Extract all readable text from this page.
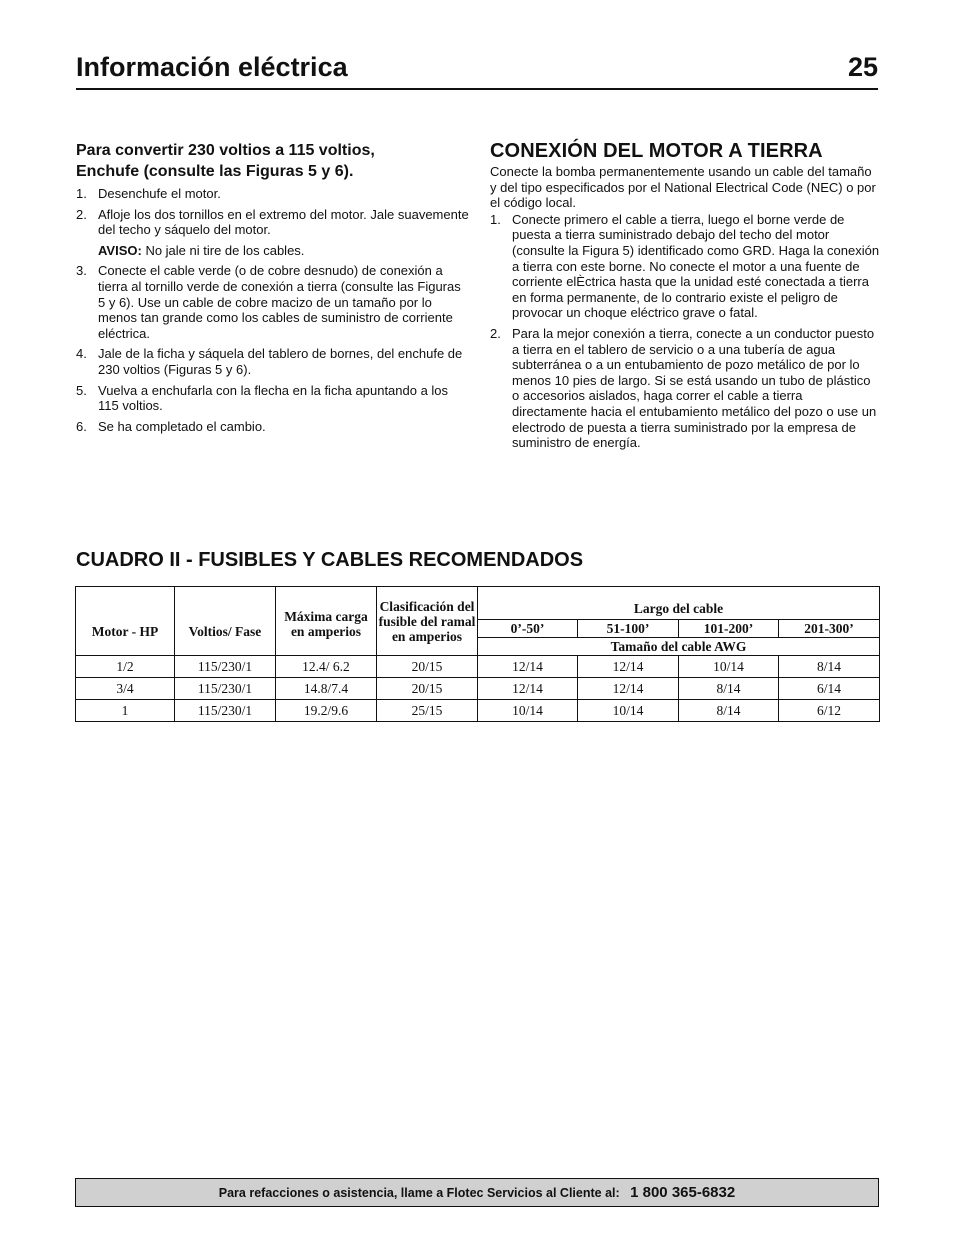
Información eléctrica	25
Para convertir 230 voltios a 115 voltios,
Enchufe (consulte las Figuras 5 y 6).
1. Desenchufe el motor.
2. Afloje los dos tornillos en el extremo del motor. Jale suavemente del techo y sáquelo del motor.
AVISO: No jale ni tire de los cables.
3. Conecte el cable verde (o de cobre desnudo) de conexión a tierra al tornillo verde de conexión a tierra (consulte las Figuras 5 y 6). Use un cable de cobre macizo de un tamaño por lo menos tan grande como los cables de suministro de corriente eléctrica.
4. Jale de la ficha y sáquela del tablero de bornes, del enchufe de 230 voltios (Figuras 5 y 6).
5. Vuelva a enchufarla con la flecha en la ficha apuntando a los 115 voltios.
6. Se ha completado el cambio.
CONEXIÓN DEL MOTOR A TIERRA
Conecte la bomba permanentemente usando un cable del tamaño y del tipo especificados por el National Electrical Code (NEC) o por el código local.
1. Conecte primero el cable a tierra, luego el borne verde de puesta a tierra suministrado debajo del techo del motor (consulte la Figura 5) identificado como GRD. Haga la conexión a tierra con este borne. No conecte el motor a una fuente de corriente elÈctrica hasta que la unidad esté conectada a tierra en forma permanente, de lo contrario existe el peligro de provocar un choque eléctrico grave o fatal.
2. Para la mejor conexión a tierra, conecte a un conductor puesto a tierra en el tablero de servicio o a una tubería de agua subterránea o a un entubamiento de pozo metálico de por lo menos 10 pies de largo. Si se está usando un tubo de plástico o accesorios aislados, haga correr el cable a tierra directamente hacia el entubamiento metálico del pozo o use un electrodo de puesta a tierra suministrado por la empresa de suministro de energía.
CUADRO II - FUSIBLES Y CABLES RECOMENDADOS
Motor - HP	Voltios/ Fase	Máxima carga en amperios	Clasificación del fusible del ramal en amperios	Largo del cable			
				0’-50’	51-100’	101-200’	201-300’
				Tamaño del cable AWG			
1/2	115/230/1	12.4/ 6.2	20/15	12/14	12/14	10/14	8/14
3/4	115/230/1	14.8/7.4	20/15	12/14	12/14	8/14	6/14
1	115/230/1	19.2/9.6	25/15	10/14	10/14	8/14	6/12
Para refacciones o asistencia, llame a Flotec Servicios al Cliente al: 1 800 365-6832
